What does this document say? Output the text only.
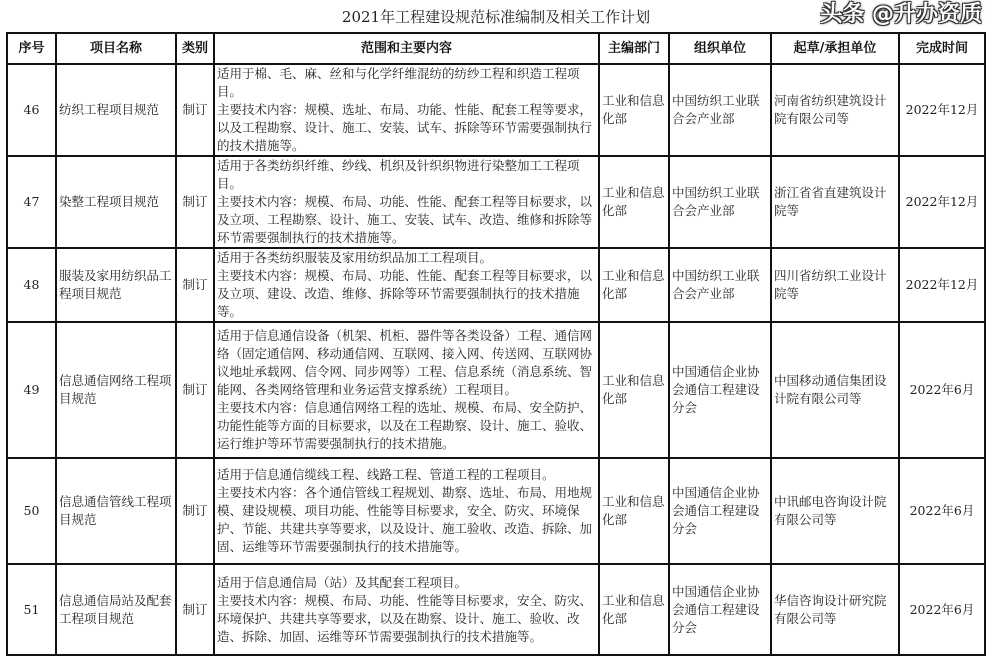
2021年工程建设规范标准编制及相关工作计划
序号	项目名称	类别	范围和主要内容	主编部门	组织单位	起草/承担单位	完成时间
46	纺织工程项目规范	制订	适用于棉、毛、麻、丝和与化学纤维混纺的纺纱工程和织造工程项目。
主要技术内容：规模、选址、布局、功能、性能、配套工程等要求，以及工程勘察、设计、施工、安装、试车、拆除等环节需要强制执行的技术措施等。	工业和信息化部	中国纺织工业联合会产业部	河南省纺织建筑设计院有限公司等	2022年12月
47	染整工程项目规范	制订	适用于各类纺织纤维、纱线、机织及针织织物进行染整加工工程项目。
主要技术内容：规模、布局、功能、性能、配套工程等目标要求，以及立项、工程勘察、设计、施工、安装、试车、改造、维修和拆除等环节需要强制执行的技术措施等。	工业和信息化部	中国纺织工业联合会产业部	浙江省省直建筑设计院等	2022年12月
48	服装及家用纺织品工程项目规范	制订	适用于各类纺织服装及家用纺织品加工工程项目。
主要技术内容：规模、布局、功能、性能、配套工程等目标要求，以及立项、建设、改造、维修、拆除等环节需要强制执行的技术措施等。	工业和信息化部	中国纺织工业联合会产业部	四川省纺织工业设计院等	2022年12月
49	信息通信网络工程项目规范	制订	适用于信息通信设备（机架、机柜、器件等各类设备）工程、通信网络（固定通信网、移动通信网、互联网、接入网、传送网、互联网协议地址承载网、信令网、同步网等）工程、信息系统（消息系统、智能网、各类网络管理和业务运营支撑系统）工程项目。
主要技术内容：信息通信网络工程的选址、规模、布局、安全防护、功能性能等方面的目标要求，以及在工程勘察、设计、施工、验收、运行维护等环节需要强制执行的技术措施。	工业和信息化部	中国通信企业协会通信工程建设分会	中国移动通信集团设计院有限公司等	2022年6月
50	信息通信管线工程项目规范	制订	适用于信息通信缆线工程、线路工程、管道工程的工程项目。
主要技术内容：各个通信管线工程规划、勘察、选址、布局、用地规模、建设规模、项目功能、性能等目标要求，安全、防灾、环境保护、节能、共建共享等要求，以及设计、施工验收、改造、拆除、加固、运维等环节需要强制执行的技术措施等。	工业和信息化部	中国通信企业协会通信工程建设分会	中讯邮电咨询设计院有限公司等	2022年6月
51	信息通信局站及配套工程项目规范	制订	适用于信息通信局（站）及其配套工程项目。
主要技术内容：规模、布局、功能、性能等目标要求，安全、防灾、环境保护、共建共享等要求，以及在勘察、设计、施工、验收、改造、拆除、加固、运维等环节需要强制执行的技术措施等。	工业和信息化部	中国通信企业协会通信工程建设分会	华信咨询设计研究院有限公司等	2022年6月
头条 @升办资质
